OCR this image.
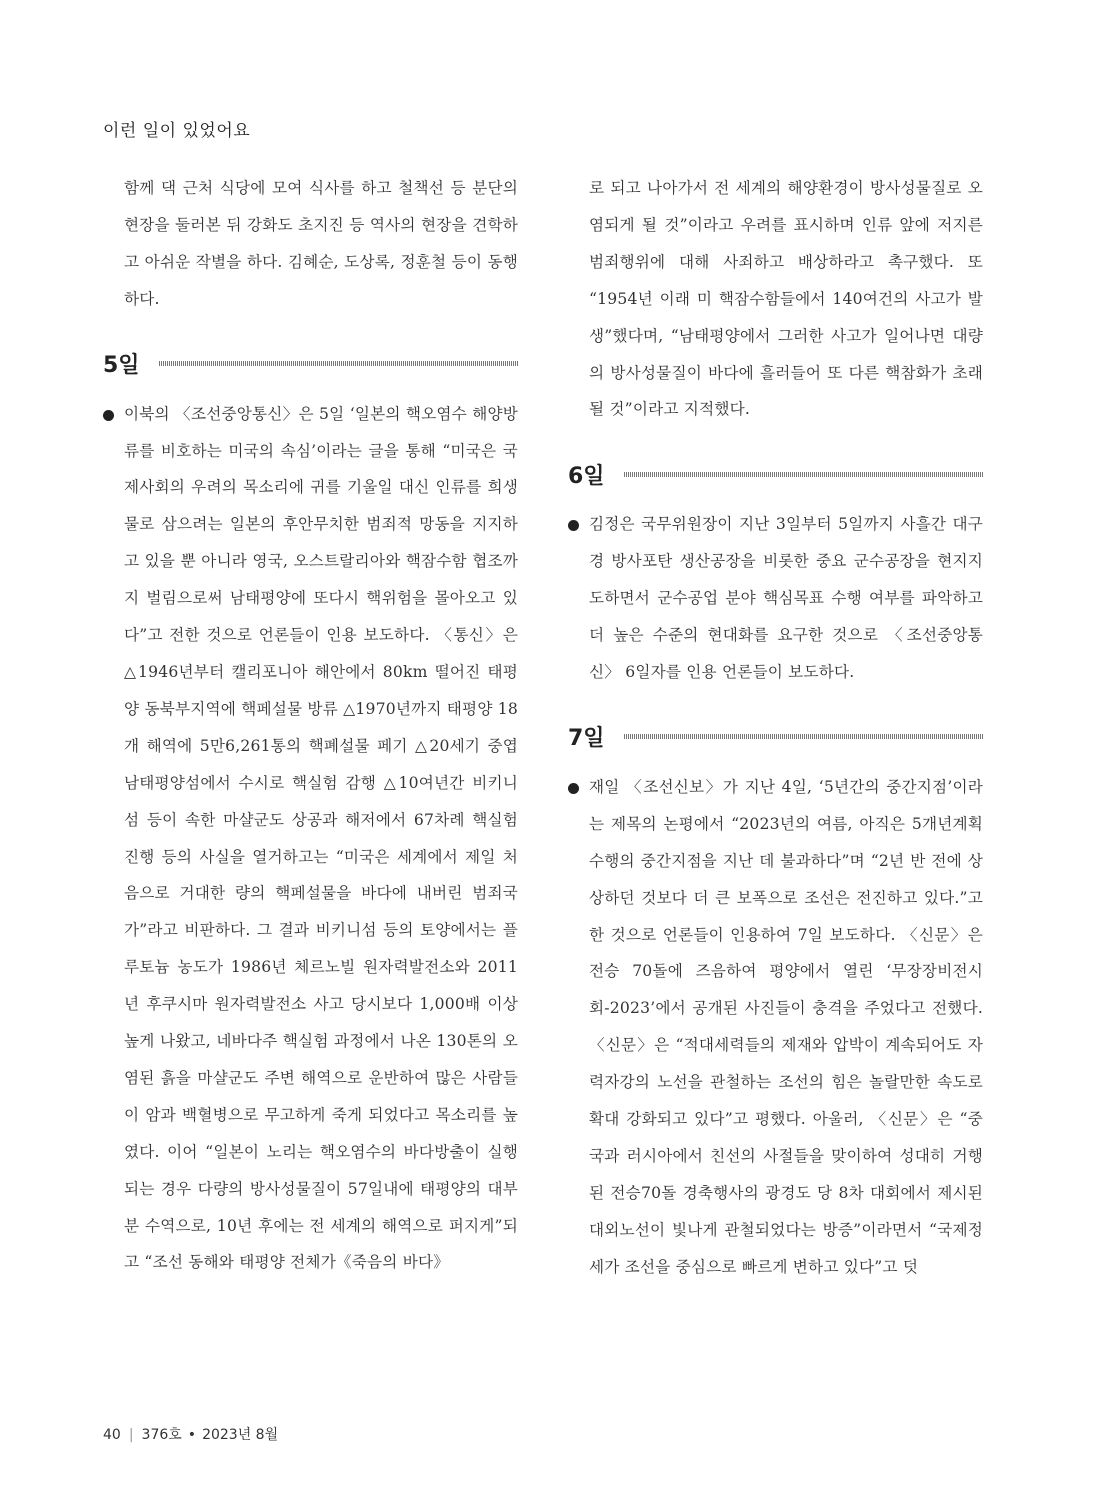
이런 일이 있었어요

함께 댁 근처 식당에 모여 식사를 하고 철책선 등 분단의 현장을 둘러본 뒤 강화도 초지진 등 역사의 현장을 견학하고 아쉬운 작별을 하다. 김혜순, 도상록, 정훈철 등이 동행하다.

5일

이북의 〈조선중앙통신〉은 5일 ‘일본의 핵오염수 해양방류를 비호하는 미국의 속심’이라는 글을 통해 “미국은 국제사회의 우려의 목소리에 귀를 기울일 대신 인류를 희생물로 삼으려는 일본의 후안무치한 범죄적 망동을 지지하고 있을 뿐 아니라 영국, 오스트랄리아와 핵잠수함 협조까지 벌림으로써 남태평양에 또다시 핵위험을 몰아오고 있다”고 전한 것으로 언론들이 인용 보도하다. 〈통신〉은 △1946년부터 캘리포니아 해안에서 80km 떨어진 태평양 동북부지역에 핵페설물 방류 △1970년까지 태평양 18개 해역에 5만6,261통의 핵폐설물 페기 △20세기 중엽 남태평양섬에서 수시로 핵실험 감행 △10여년간 비키니섬 등이 속한 마샬군도 상공과 해저에서 67차례 핵실험 진행 등의 사실을 열거하고는 “미국은 세계에서 제일 처음으로 거대한 량의 핵페설물을 바다에 내버린 범죄국가”라고 비판하다. 그 결과 비키니섬 등의 토양에서는 플루토늄 농도가 1986년 체르노빌 원자력발전소와 2011년 후쿠시마 원자력발전소 사고 당시보다 1,000배 이상 높게 나왔고, 네바다주 핵실험 과정에서 나온 130톤의 오염된 흙을 마샬군도 주변 해역으로 운반하여 많은 사람들이 암과 백혈병으로 무고하게 죽게 되었다고 목소리를 높였다. 이어 “일본이 노리는 핵오염수의 바다방출이 실행되는 경우 다량의 방사성물질이 57일내에 태평양의 대부분 수역으로, 10년 후에는 전 세계의 해역으로 퍼지게”되고 “조선 동해와 태평양 전체가《죽음의 바다》

로 되고 나아가서 전 세계의 해양환경이 방사성물질로 오염되게 될 것”이라고 우려를 표시하며 인류 앞에 저지른 범죄행위에 대해 사죄하고 배상하라고 촉구했다. 또 “1954년 이래 미 핵잠수함들에서 140여건의 사고가 발생”했다며, “남태평양에서 그러한 사고가 일어나면 대량의 방사성물질이 바다에 흘러들어 또 다른 핵참화가 초래될 것”이라고 지적했다.

6일

김정은 국무위원장이 지난 3일부터 5일까지 사흘간 대구경 방사포탄 생산공장을 비롯한 중요 군수공장을 현지지도하면서 군수공업 분야 핵심목표 수행 여부를 파악하고 더 높은 수준의 현대화를 요구한 것으로 〈조선중앙통신〉 6일자를 인용 언론들이 보도하다.

7일

재일 〈조선신보〉가 지난 4일, ‘5년간의 중간지점’이라는 제목의 논평에서 “2023년의 여름, 아직은 5개년계획 수행의 중간지점을 지난 데 불과하다”며 “2년 반 전에 상상하던 것보다 더 큰 보폭으로 조선은 전진하고 있다.”고 한 것으로 언론들이 인용하여 7일 보도하다. 〈신문〉은 전승 70돌에 즈음하여 평양에서 열린 ‘무장장비전시회-2023’에서 공개된 사진들이 충격을 주었다고 전했다. 〈신문〉은 “적대세력들의 제재와 압박이 계속되어도 자력자강의 노선을 관철하는 조선의 힘은 놀랄만한 속도로 확대 강화되고 있다”고 평했다. 아울러, 〈신문〉은 “중국과 러시아에서 친선의 사절들을 맞이하여 성대히 거행된 전승70돌 경축행사의 광경도 당 8차 대회에서 제시된 대외노선이 빛나게 관철되었다는 방증”이라면서 “국제정세가 조선을 중심으로 빠르게 변하고 있다”고 덧

40 | 376호 • 2023년 8월
